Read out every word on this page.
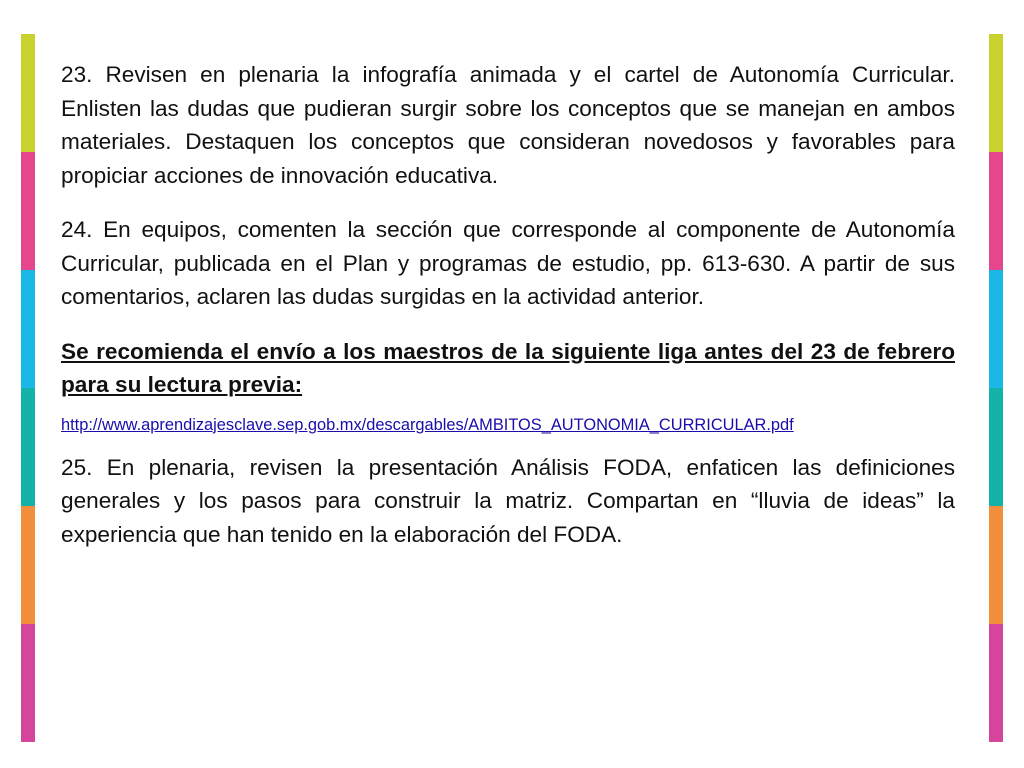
23. Revisen en plenaria la infografía animada y el cartel de Autonomía Curricular. Enlisten las dudas que pudieran surgir sobre los conceptos que se manejan en ambos materiales. Destaquen los conceptos que consideran novedosos y favorables para propiciar acciones de innovación educativa.

24. En equipos, comenten la sección que corresponde al componente de Autonomía Curricular, publicada en el Plan y programas de estudio, pp. 613-630. A partir de sus comentarios, aclaren las dudas surgidas en la actividad anterior.

Se recomienda el envío a los maestros de la siguiente liga antes del 23 de febrero para su lectura previa:

http://www.aprendizajesclave.sep.gob.mx/descargables/AMBITOS_AUTONOMIA_CURRICULAR.pdf

25. En plenaria, revisen la presentación Análisis FODA, enfaticen las definiciones generales y los pasos para construir la matriz. Compartan en “lluvia de ideas” la experiencia que han tenido en la elaboración del FODA.
